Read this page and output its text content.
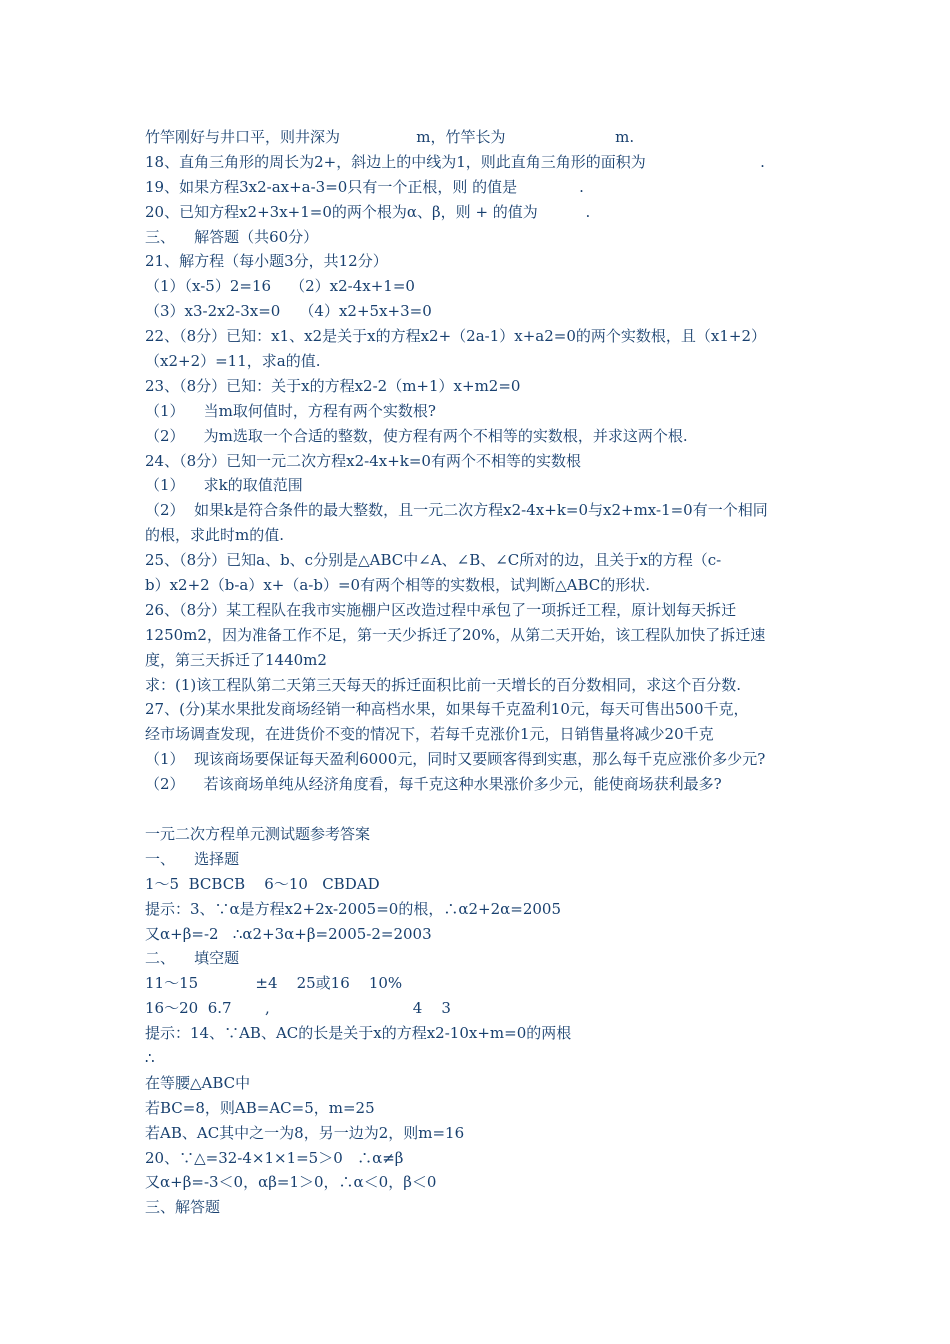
竹竿刚好与井口平，则井深为                m，竹竿长为                       m.
18、直角三角形的周长为2+，斜边上的中线为1，则此直角三角形的面积为                        .
19、如果方程3x2-ax+a-3=0只有一个正根，则 的值是             .
20、已知方程x2+3x+1=0的两个根为α、β，则 + 的值为          .
三、    解答题（共60分）
21、解方程（每小题3分，共12分）
（1）（x-5）2=16    （2）x2-4x+1=0
（3）x3-2x2-3x=0    （4）x2+5x+3=0
22、（8分）已知：x1、x2是关于x的方程x2+（2a-1）x+a2=0的两个实数根，且（x1+2）
（x2+2）=11，求a的值.
23、（8分）已知：关于x的方程x2-2（m+1）x+m2=0
（1）    当m取何值时，方程有两个实数根?
（2）    为m选取一个合适的整数，使方程有两个不相等的实数根，并求这两个根.
24、（8分）已知一元二次方程x2-4x+k=0有两个不相等的实数根
（1）    求k的取值范围
（2）  如果k是符合条件的最大整数，且一元二次方程x2-4x+k=0与x2+mx-1=0有一个相同
的根，求此时m的值.
25、（8分）已知a、b、c分别是△ABC中∠A、∠B、∠C所对的边，且关于x的方程（c-
b）x2+2（b-a）x+（a-b）=0有两个相等的实数根，试判断△ABC的形状.
26、（8分）某工程队在我市实施棚户区改造过程中承包了一项拆迁工程，原计划每天拆迁
1250m2，因为准备工作不足，第一天少拆迁了20%，从第二天开始，该工程队加快了拆迁速
度，第三天拆迁了1440m2
求：(1)该工程队第二天第三天每天的拆迁面积比前一天增长的百分数相同，求这个百分数.
27、(分)某水果批发商场经销一种高档水果，如果每千克盈利10元，每天可售出500千克，
经市场调查发现，在进货价不变的情况下，若每千克涨价1元，日销售量将减少20千克
（1）  现该商场要保证每天盈利6000元，同时又要顾客得到实惠，那么每千克应涨价多少元?
（2）    若该商场单纯从经济角度看，每千克这种水果涨价多少元，能使商场获利最多?
一元二次方程单元测试题参考答案
一、    选择题
1～5  BCBCB    6～10   CBDAD
提示：3、∵α是方程x2+2x-2005=0的根，∴α2+2α=2005
又α+β=-2   ∴α2+3α+β=2005-2=2003
二、    填空题
11～15            ±4    25或16    10%
16～20  6.7       ,                              4    3
提示：14、∵AB、AC的长是关于x的方程x2-10x+m=0的两根
∴
在等腰△ABC中
若BC=8，则AB=AC=5，m=25
若AB、AC其中之一为8，另一边为2，则m=16
20、∵△=32-4×1×1=5＞0   ∴α≠β
又α+β=-3＜0，αβ=1＞0，∴α＜0，β＜0
三、解答题
